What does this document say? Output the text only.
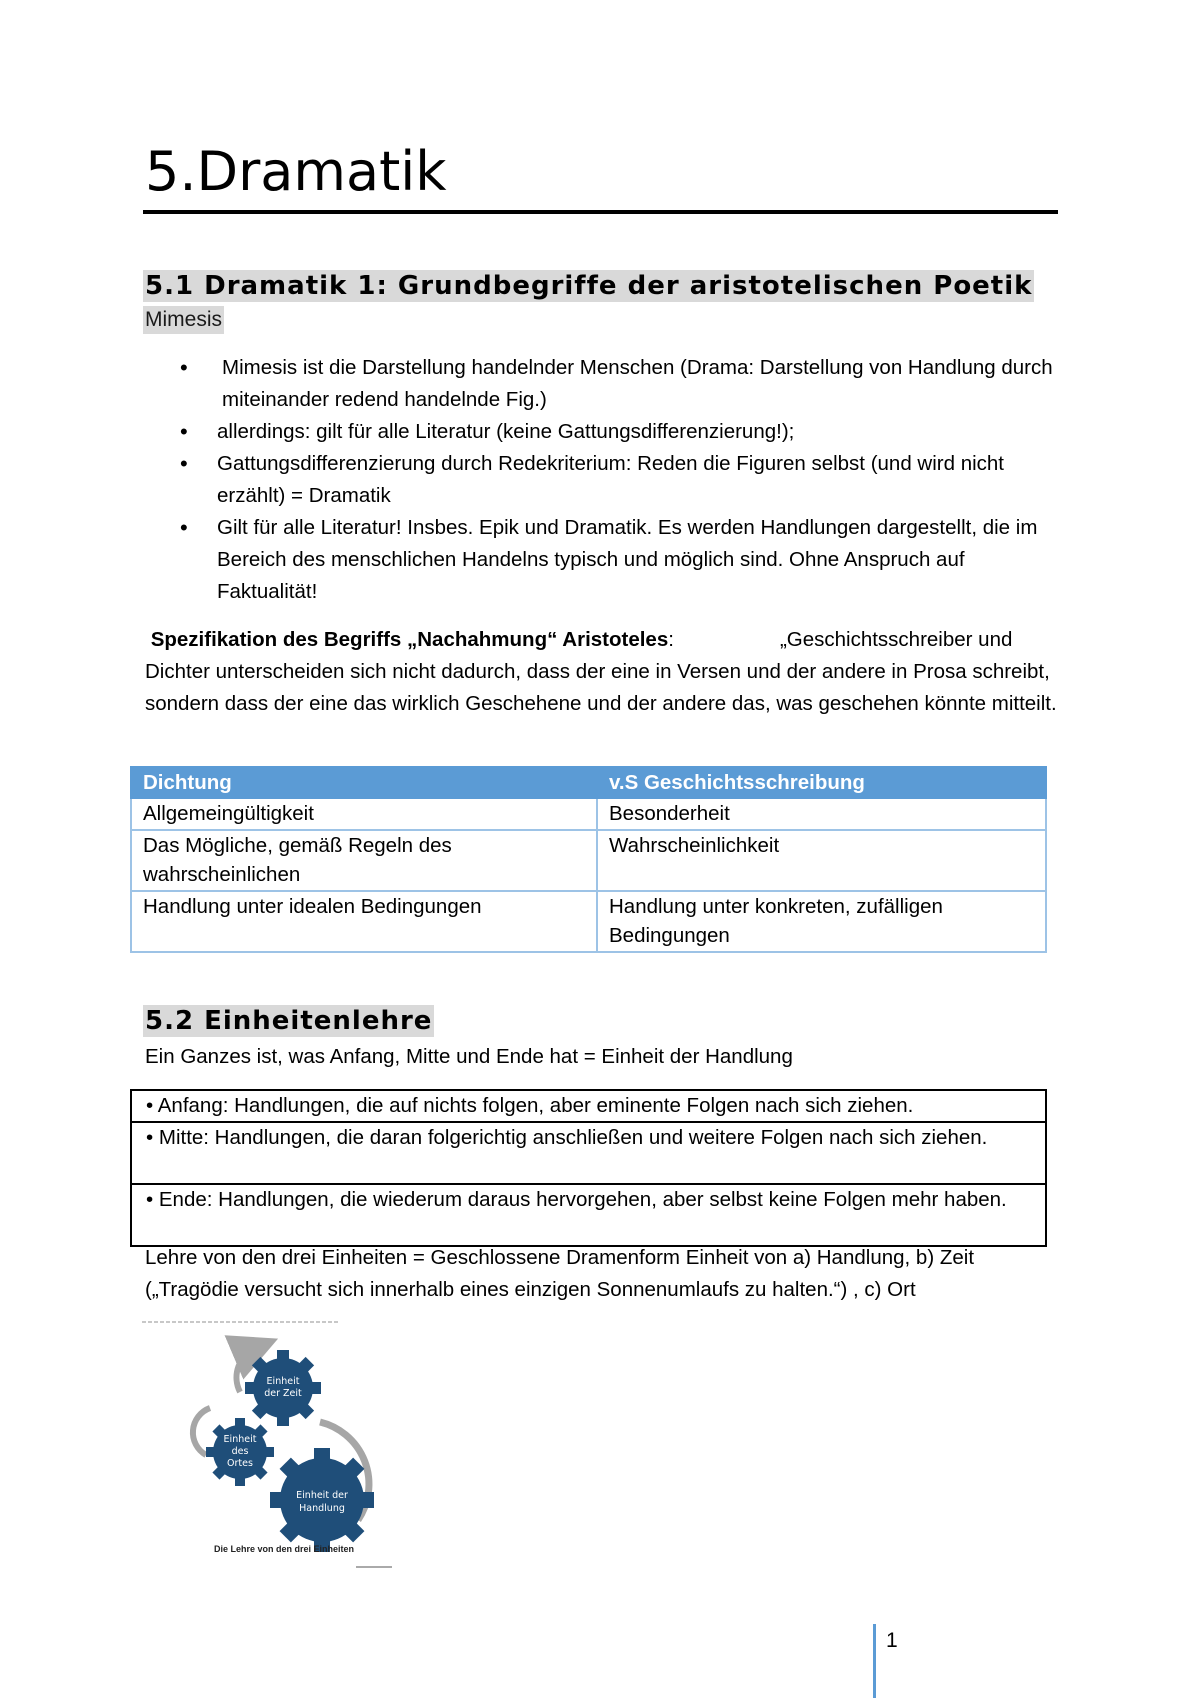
5.Dramatik
5.1 Dramatik 1: Grundbegriffe der aristotelischen Poetik
Mimesis
• Mimesis ist die Darstellung handelnder Menschen (Drama: Darstellung von Handlung durch miteinander redend handelnde Fig.)
• allerdings: gilt für alle Literatur (keine Gattungsdifferenzierung!);
• Gattungsdifferenzierung durch Redekriterium: Reden die Figuren selbst (und wird nicht erzählt) = Dramatik
• Gilt für alle Literatur! Insbes. Epik und Dramatik. Es werden Handlungen dargestellt, die im Bereich des menschlichen Handelns typisch und möglich sind. Ohne Anspruch auf Faktualität!

Spezifikation des Begriffs „Nachahmung“ Aristoteles:	„Geschichtsschreiber und Dichter unterscheiden sich nicht dadurch, dass der eine in Versen und der andere in Prosa schreibt, sondern dass der eine das wirklich Geschehene und der andere das, was geschehen könnte mitteilt.

Dichtung	v.S Geschichtsschreibung
Allgemeingültigkeit	Besonderheit
Das Mögliche, gemäß Regeln des wahrscheinlichen	Wahrscheinlichkeit
Handlung unter idealen Bedingungen	Handlung unter konkreten, zufälligen Bedingungen
5.2 Einheitenlehre

Ein Ganzes ist, was Anfang, Mitte und Ende hat = Einheit der Handlung

• Anfang: Handlungen, die auf nichts folgen, aber eminente Folgen nach sich ziehen.
• Mitte: Handlungen, die daran folgerichtig anschließen und weitere Folgen nach sich ziehen.
• Ende: Handlungen, die wiederum daraus hervorgehen, aber selbst keine Folgen mehr haben.

Lehre von den drei Einheiten = Geschlossene Dramenform Einheit von a) Handlung, b) Zeit („Tragödie versucht sich innerhalb eines einzigen Sonnenumlaufs zu halten.“) , c) Ort

Einheit
der Zeit
Einheit
des
Ortes
Einheit der
Handlung

Die Lehre von den drei Einheiten

1
